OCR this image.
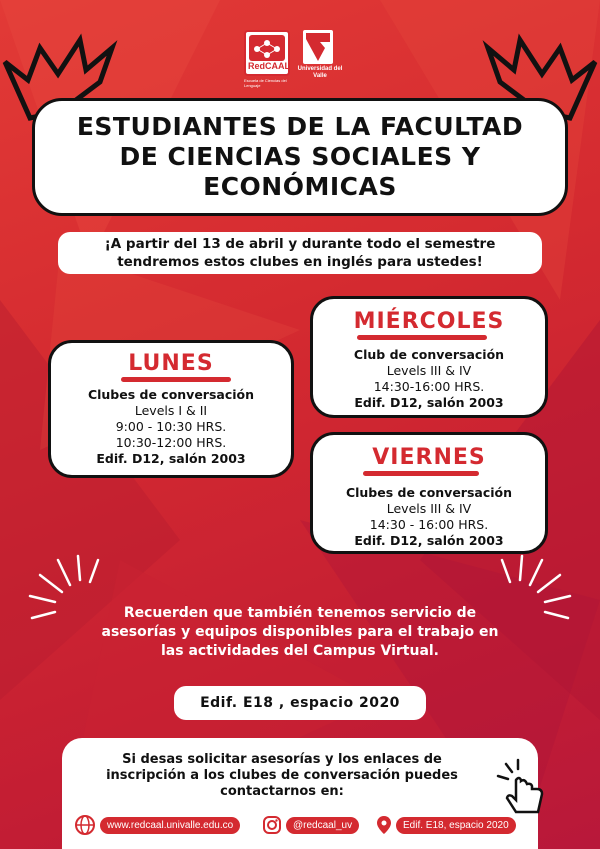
RedCAAL
Escuela de Ciencias del Lenguaje
Universidad del Valle
ESTUDIANTES DE LA FACULTAD
DE CIENCIAS SOCIALES Y
ECONÓMICAS
¡A partir del 13 de abril y durante todo el semestre
tendremos estos clubes en inglés para ustedes!
LUNES
Clubes de conversación
Levels I & II
9:00 - 10:30 HRS.
10:30-12:00 HRS.
Edif. D12, salón 2003
MIÉRCOLES
Club de conversación
Levels III & IV
14:30-16:00 HRS.
Edif. D12, salón 2003
VIERNES
Clubes de conversación
Levels III & IV
14:30 - 16:00 HRS.
Edif. D12, salón 2003
Recuerden que también tenemos servicio de
asesorías y equipos disponibles para el trabajo en
las actividades del Campus Virtual.
Edif. E18 , espacio 2020
Si desas solicitar asesorías y los enlaces de
inscripción a los clubes de conversación puedes
contactarnos en:
www.redcaal.univalle.edu.co	@redcaal_uv	Edif. E18, espacio 2020
